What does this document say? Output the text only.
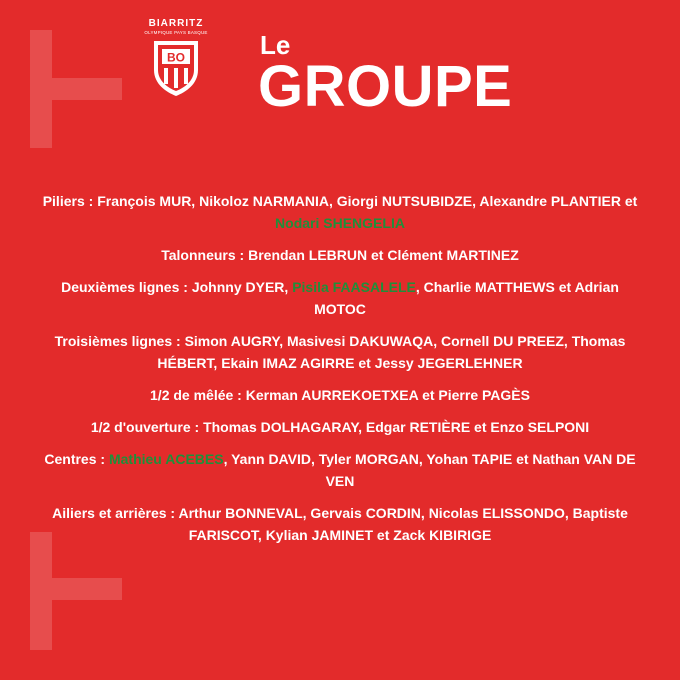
BIARRITZ
OLYMPIQUE PAYS BASQUE
BO	Le
GROUPE

Piliers : François MUR, Nikoloz NARMANIA, Giorgi NUTSUBIDZE, Alexandre PLANTIER et Nodari SHENGELIA

Talonneurs : Brendan LEBRUN et Clément MARTINEZ

Deuxièmes lignes : Johnny DYER, Pisila FAASALELE, Charlie MATTHEWS et Adrian MOTOC

Troisièmes lignes : Simon AUGRY, Masivesi DAKUWAQA, Cornell DU PREEZ, Thomas HÉBERT, Ekain IMAZ AGIRRE et Jessy JEGERLEHNER

1/2 de mêlée : Kerman AURREKOETXEA et Pierre PAGÈS

1/2 d'ouverture : Thomas DOLHAGARAY, Edgar RETIÈRE et Enzo SELPONI

Centres : Mathieu ACEBES, Yann DAVID, Tyler MORGAN, Yohan TAPIE et Nathan VAN DE VEN

Ailiers et arrières : Arthur BONNEVAL, Gervais CORDIN, Nicolas ELISSONDO, Baptiste FARISCOT, Kylian JAMINET et Zack KIBIRIGE
